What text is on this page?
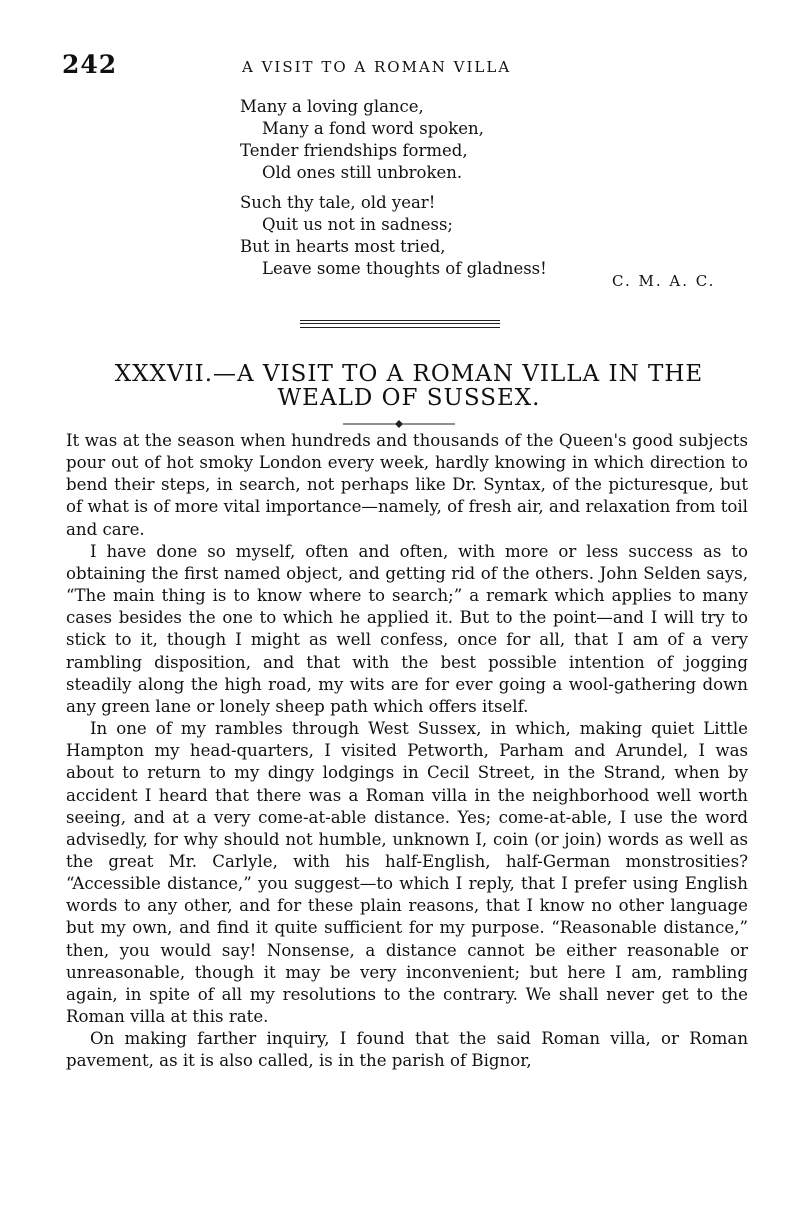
242	A VISIT TO A ROMAN VILLA
Many a loving glance,
Many a fond word spoken,
Tender friendships formed,
Old ones still unbroken.
Such thy tale, old year!
Quit us not in sadness;
But in hearts most tried,
Leave some thoughts of gladness!
C. M. A. C.
XXXVII.—A VISIT TO A ROMAN VILLA IN THE
WEALD OF SUSSEX.

It was at the season when hundreds and thousands of the Queen's good subjects pour out of hot smoky London every week, hardly knowing in which direction to bend their steps, in search, not perhaps like Dr. Syntax, of the picturesque, but of what is of more vital importance—namely, of fresh air, and relaxation from toil and care.

I have done so myself, often and often, with more or less success as to obtaining the first named object, and getting rid of the others. John Selden says, “The main thing is to know where to search;” a remark which applies to many cases besides the one to which he applied it. But to the point—and I will try to stick to it, though I might as well confess, once for all, that I am of a very rambling disposition, and that with the best possible intention of jogging steadily along the high road, my wits are for ever going a wool-gathering down any green lane or lonely sheep path which offers itself.

In one of my rambles through West Sussex, in which, making quiet Little Hampton my head-quarters, I visited Petworth, Parham and Arundel, I was about to return to my dingy lodgings in Cecil Street, in the Strand, when by accident I heard that there was a Roman villa in the neighborhood well worth seeing, and at a very come-at-able distance. Yes; come-at-able, I use the word advisedly, for why should not humble, unknown I, coin (or join) words as well as the great Mr. Carlyle, with his half-English, half-German monstrosities? “Accessible distance,” you suggest—to which I reply, that I prefer using English words to any other, and for these plain reasons, that I know no other language but my own, and find it quite sufficient for my purpose. “Reasonable distance,” then, you would say! Nonsense, a distance cannot be either reasonable or unreasonable, though it may be very inconvenient; but here I am, rambling again, in spite of all my resolutions to the contrary. We shall never get to the Roman villa at this rate.

On making farther inquiry, I found that the said Roman villa, or Roman pavement, as it is also called, is in the parish of Bignor,
